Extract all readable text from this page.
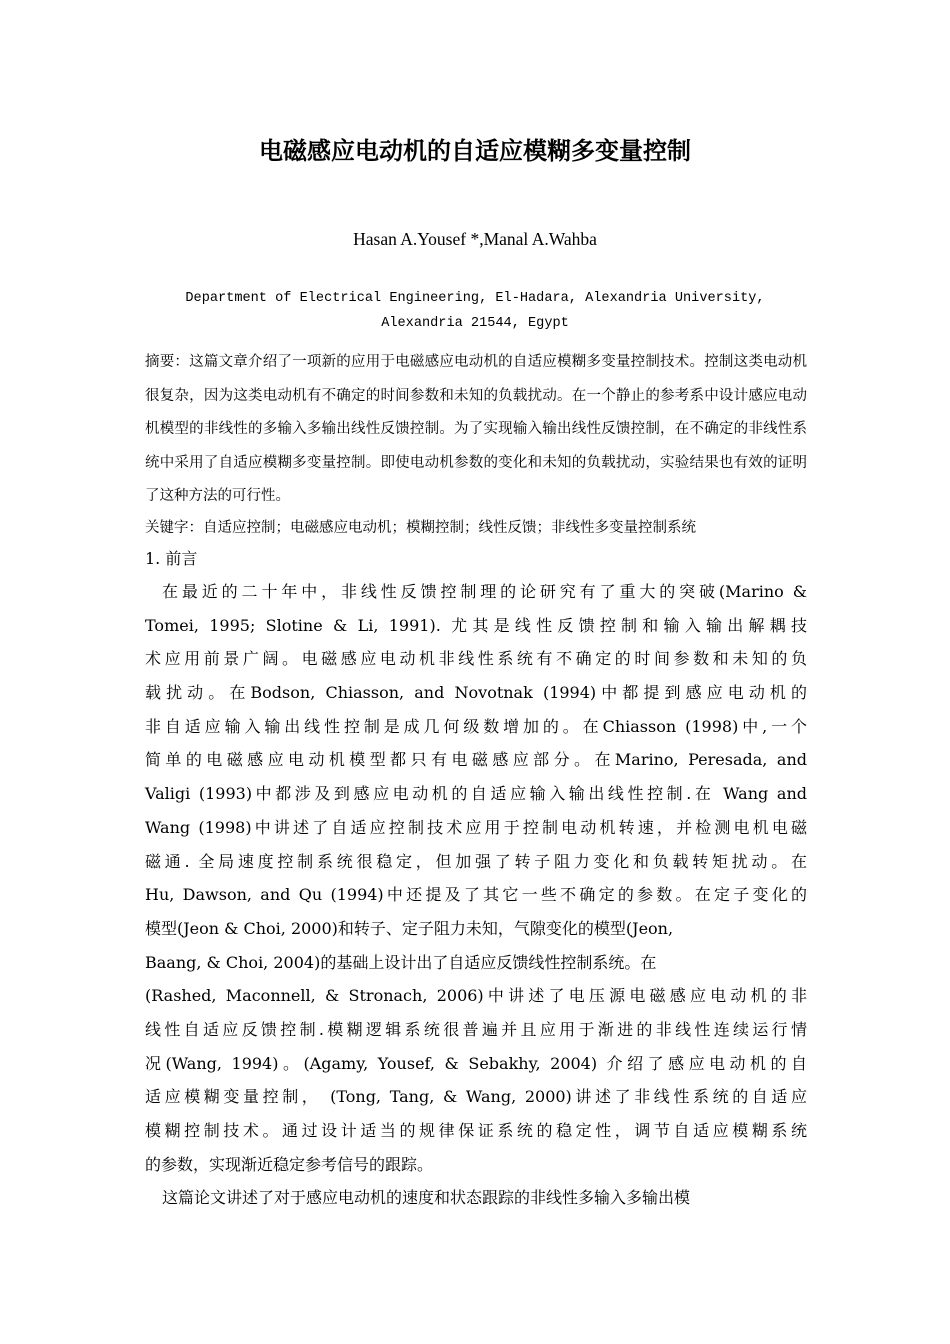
电磁感应电动机的自适应模糊多变量控制
Hasan A.Yousef *,Manal A.Wahba
Department of Electrical Engineering, El-Hadara, Alexandria University,
Alexandria 21544, Egypt
摘要：这篇文章介绍了一项新的应用于电磁感应电动机的自适应模糊多变量控制技术。控制这类电动机很复杂，因为这类电动机有不确定的时间参数和未知的负载扰动。在一个静止的参考系中设计感应电动机模型的非线性的多输入多输出线性反馈控制。为了实现输入输出线性反馈控制，在不确定的非线性系统中采用了自适应模糊多变量控制。即使电动机参数的变化和未知的负载扰动，实验结果也有效的证明了这种方法的可行性。
关键字：自适应控制；电磁感应电动机；模糊控制；线性反馈；非线性多变量控制系统
1. 前言
在最近的二十年中，非线性反馈控制理的论研究有了重大的突破(Marino &
Tomei, 1995; Slotine & Li, 1991). 尤其是线性反馈控制和输入输出解耦技
术应用前景广阔。电磁感应电动机非线性系统有不确定的时间参数和未知的负
载扰动。在Bodson, Chiasson, and Novotnak (1994)中都提到感应电动机的
非自适应输入输出线性控制是成几何级数增加的。在Chiasson (1998)中,一个
简单的电磁感应电动机模型都只有电磁感应部分。在Marino, Peresada, and
Valigi (1993)中都涉及到感应电动机的自适应输入输出线性控制.在 Wang and
Wang (1998)中讲述了自适应控制技术应用于控制电动机转速，并检测电机电磁
磁通. 全局速度控制系统很稳定，但加强了转子阻力变化和负载转矩扰动。在
Hu, Dawson, and Qu (1994)中还提及了其它一些不确定的参数。在定子变化的
模型(Jeon & Choi, 2000)和转子、定子阻力未知，气隙变化的模型(Jeon,
Baang, & Choi, 2004)的基础上设计出了自适应反馈线性控制系统。在
(Rashed, Maconnell, & Stronach, 2006)中讲述了电压源电磁感应电动机的非
线性自适应反馈控制.模糊逻辑系统很普遍并且应用于渐进的非线性连续运行情
况(Wang, 1994)。(Agamy, Yousef, & Sebakhy, 2004) 介绍了感应电动机的自
适应模糊变量控制， (Tong, Tang, & Wang, 2000)讲述了非线性系统的自适应
模糊控制技术。通过设计适当的规律保证系统的稳定性，调节自适应模糊系统
的参数，实现渐近稳定参考信号的跟踪。
这篇论文讲述了对于感应电动机的速度和状态跟踪的非线性多输入多输出模
